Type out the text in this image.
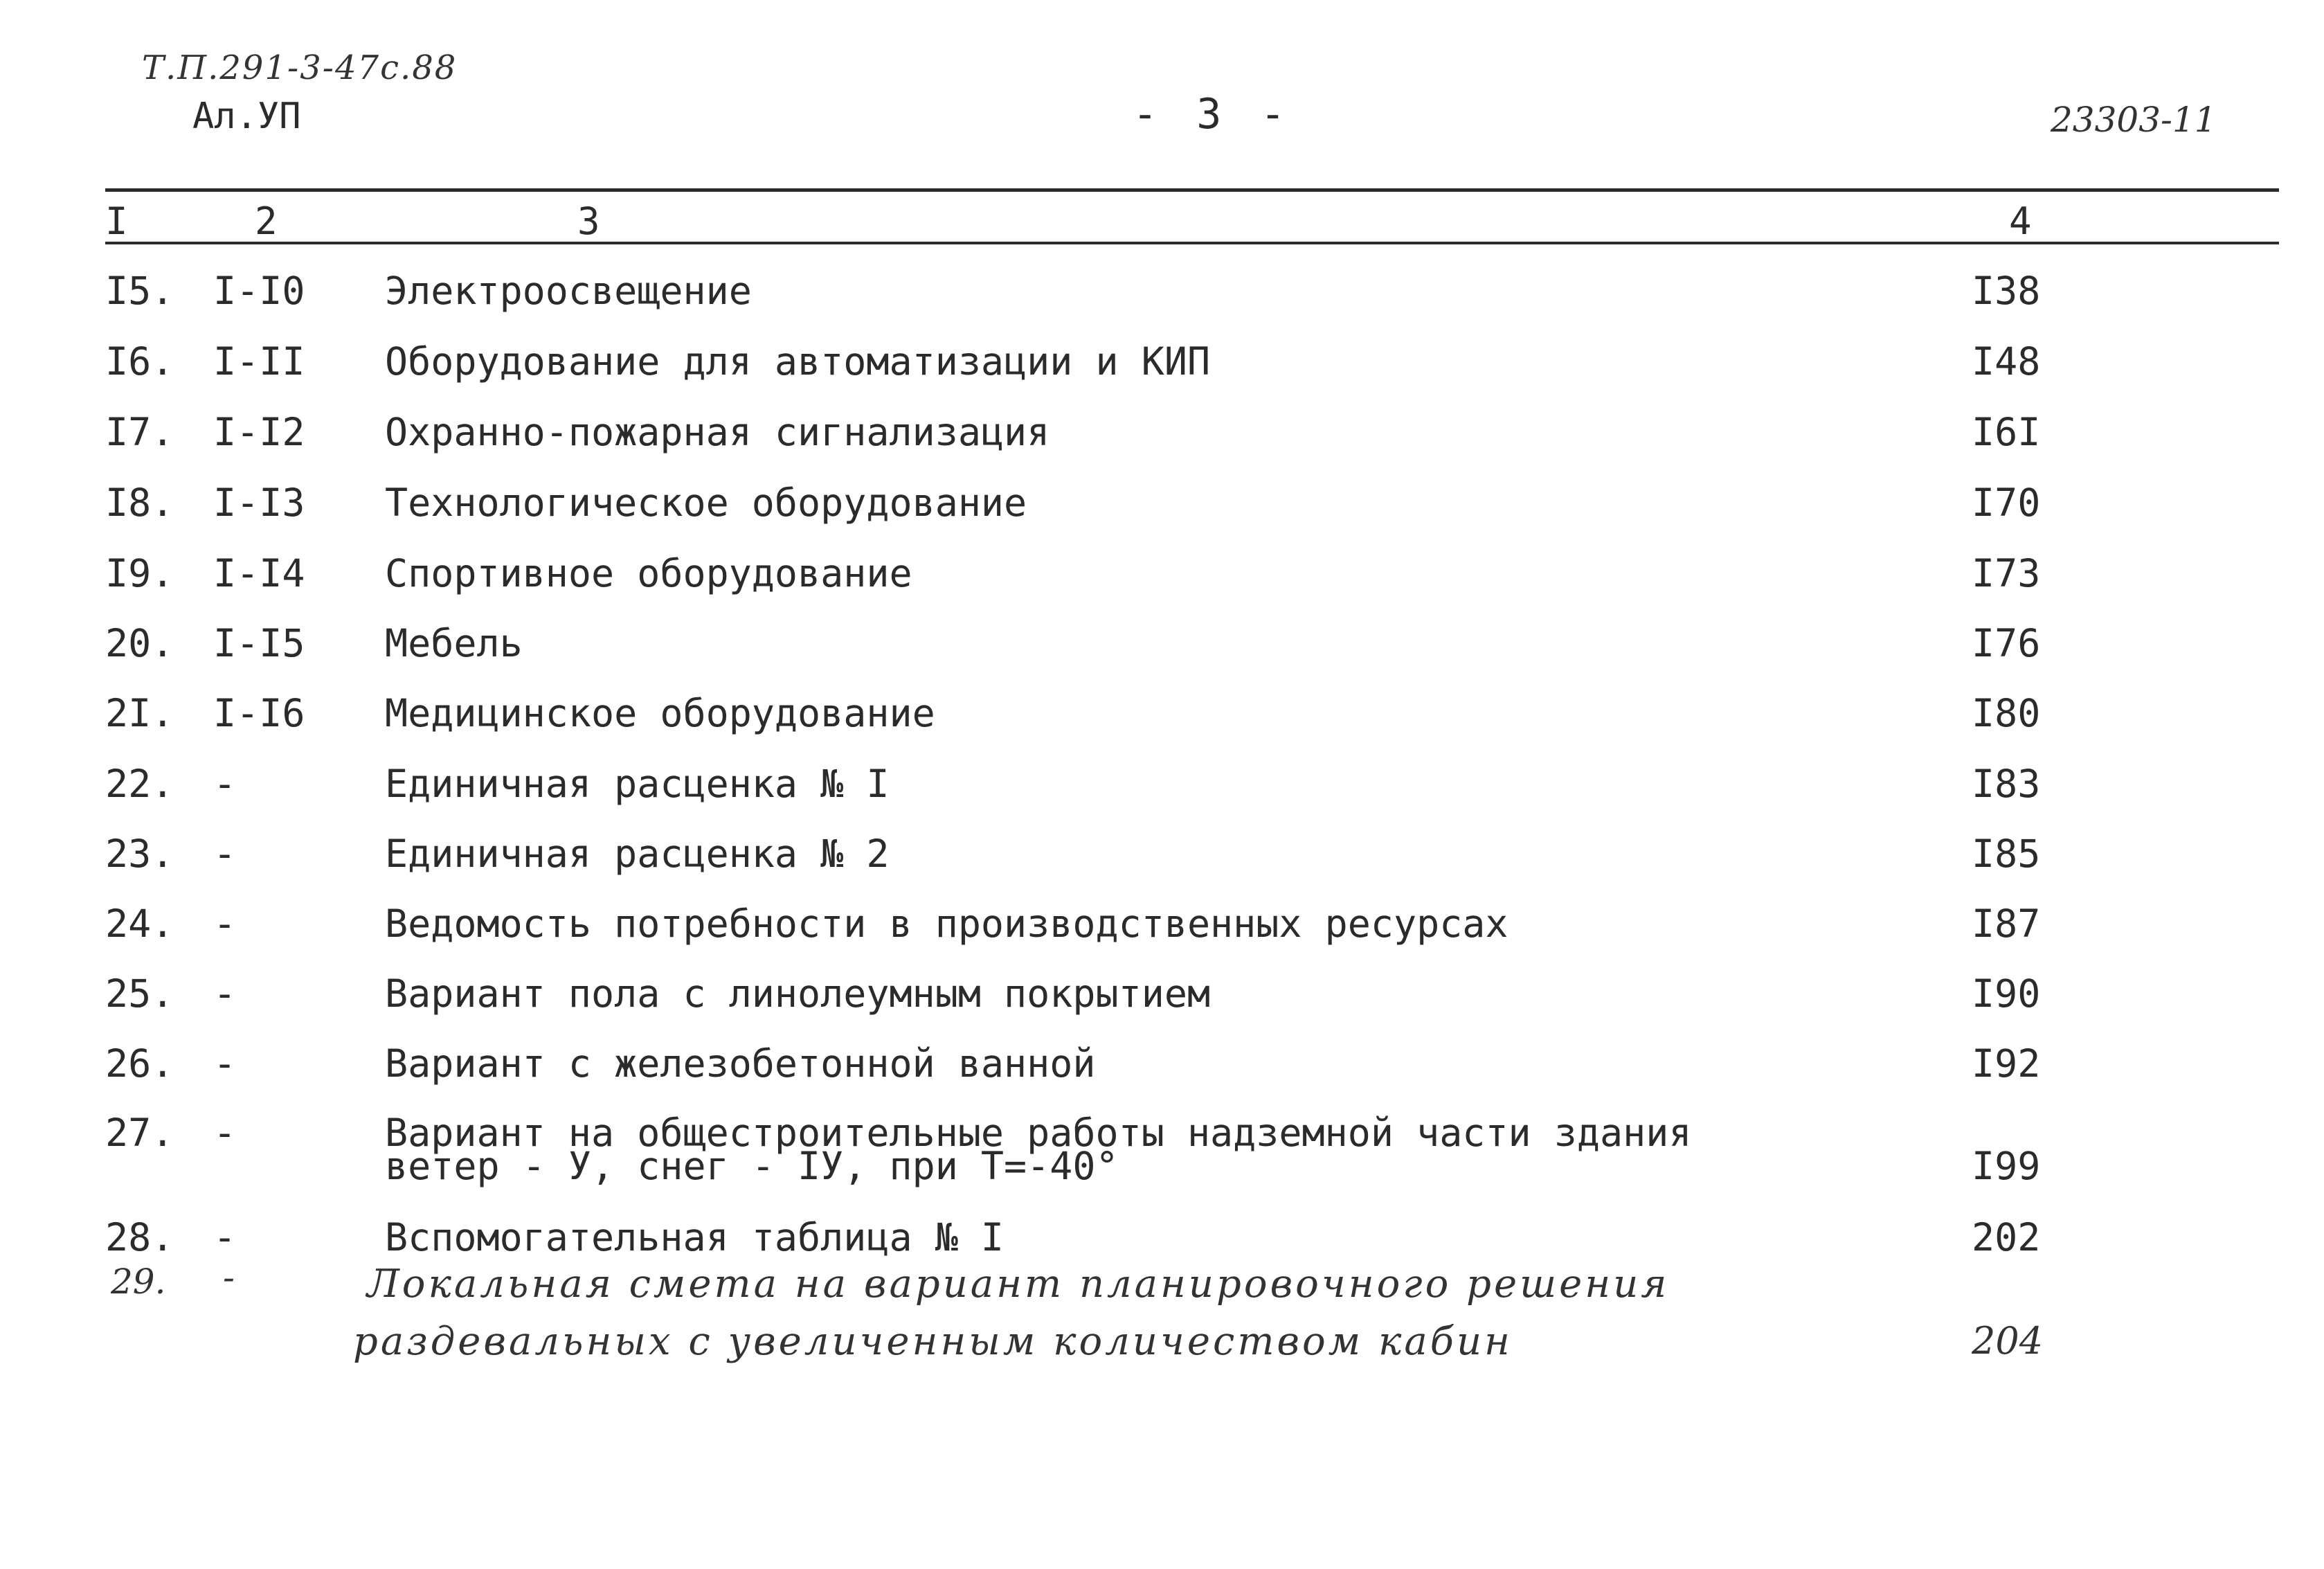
Т.П.291-3-47с.88
Ал.УП	- 3 -	23303-11
I	2	3	4
I5. I-I0 Электроосвещение	I38
I6. I-II Оборудование для автоматизации и КИП	I48
I7. I-I2 Охранно-пожарная сигнализация	I6I
I8. I-I3 Технологическое оборудование	I70
I9. I-I4 Спортивное оборудование	I73
20. I-I5 Мебель	I76
2I. I-I6 Медицинское оборудование	I80
22. -	Единичная расценка № I	I83
23. -	Единичная расценка № 2	I85
24. -	Ведомость потребности в производственных ресурсах	I87
25. -	Вариант пола с линолеумным покрытием	I90
26. -	Вариант с железобетонной ванной	I92
27. -	Вариант на общестроительные работы надземной части здания
ветер - У, снег - IУ, при Т=-40°	I99
28. -	Вспомогательная таблица № I	202
29. -	Локальная смета на вариант планировочного решения
раздевальных с увеличенным количеством кабин	204
